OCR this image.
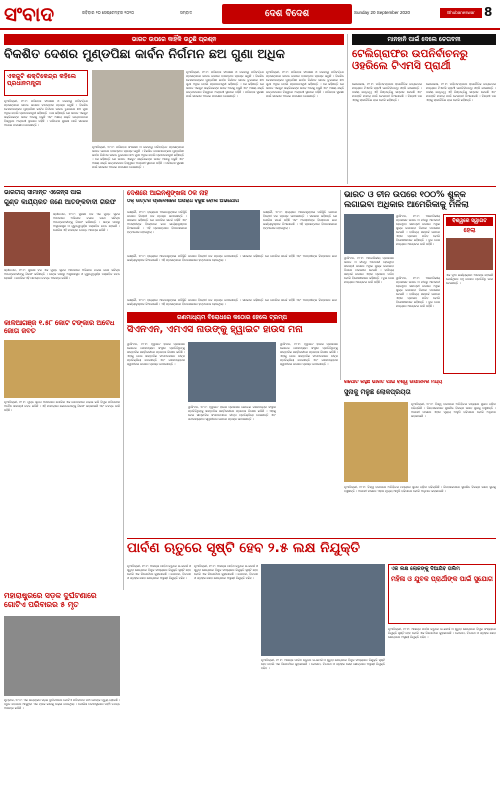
ସଂବାଦ	ରବିବାର ୨୦ ସେପ୍ଟେମ୍ବର ୨୦୨୦	ସମ୍ବାଦ	ଦେଶ ବିଦେଶ	Sunday 20 September 2020	Bhubaneswar 8
ଭାରତ ଉପରେ କାହିଁକି ଉଠୁଛି ପ୍ରଶ୍ନ
ବିକଶିତ ଦେଶର ମୁଣ୍ଡପିଛା କାର୍ବନ ନିର୍ଗମନ ଛଅ ଗୁଣା ଅଧିକ
ଏକଜୁଟି ଶକ୍ତିକେନ୍ଦ୍ର କହିଲେ ପ୍ରଧାନମନ୍ତ୍ରୀ
ନୂଆଦିଲ୍ଲୀ, ୧୯।୯: ପରିବେଶ ସଂରକ୍ଷଣ ଓ ଜଳବାୟୁ ପରିବର୍ତ୍ତନ ପ୍ରସଙ୍ଗରେ ଭାରତ ଉପରେ ବାରମ୍ବାର ପ୍ରଶ୍ନ ଉଠୁଛି । ବିକଶିତ ଦେଶମାନଙ୍କର ମୁଣ୍ଡପିଛା କାର୍ବନ ନିର୍ଗମନ ଭାରତ ତୁଳନାରେ ଛଅ ଗୁଣା ଅଧିକ ବୋଲି ପ୍ରଧାନମନ୍ତ୍ରୀ କହିଛନ୍ତି । ସେ କହିଛନ୍ତି ଯେ ଭାରତ ଏକଜୁଟ ଶକ୍ତିକେନ୍ଦ୍ର ଭାବେ ଆଗକୁ ବଢୁଛି ଏବଂ ଅକ୍ଷୟ ଶକ୍ତି ଉତ୍ପାଦନରେ ବିଶ୍ୱରେ ଅଗ୍ରଣୀ ସ୍ଥାନରେ ରହିଛି । ପରିବେଶ ସୁରକ୍ଷା ପାଇଁ ସରକାର ଅନେକ ପଦକ୍ଷେପ ନେଇଛନ୍ତି ।
ନୂଆଦିଲ୍ଲୀ, ୧୯।୯: ପରିବେଶ ସଂରକ୍ଷଣ ଓ ଜଳବାୟୁ ପରିବର୍ତ୍ତନ ପ୍ରସଙ୍ଗରେ ଭାରତ ଉପରେ ବାରମ୍ବାର ପ୍ରଶ୍ନ ଉଠୁଛି । ବିକଶିତ ଦେଶମାନଙ୍କର ମୁଣ୍ଡପିଛା କାର୍ବନ ନିର୍ଗମନ ଭାରତ ତୁଳନାରେ ଛଅ ଗୁଣା ଅଧିକ ବୋଲି ପ୍ରଧାନମନ୍ତ୍ରୀ କହିଛନ୍ତି । ସେ କହିଛନ୍ତି ଯେ ଭାରତ ଏକଜୁଟ ଶକ୍ତିକେନ୍ଦ୍ର ଭାବେ ଆଗକୁ ବଢୁଛି ଏବଂ ଅକ୍ଷୟ ଶକ୍ତି ଉତ୍ପାଦନରେ ବିଶ୍ୱରେ ଅଗ୍ରଣୀ ସ୍ଥାନରେ ରହିଛି । ପରିବେଶ ସୁରକ୍ଷା ପାଇଁ ସରକାର ଅନେକ ପଦକ୍ଷେପ ନେଇଛନ୍ତି ।
ନୂଆଦିଲ୍ଲୀ, ୧୯।୯: ପରିବେଶ ସଂରକ୍ଷଣ ଓ ଜଳବାୟୁ ପରିବର୍ତ୍ତନ ପ୍ରସଙ୍ଗରେ ଭାରତ ଉପରେ ବାରମ୍ବାର ପ୍ରଶ୍ନ ଉଠୁଛି । ବିକଶିତ ଦେଶମାନଙ୍କର ମୁଣ୍ଡପିଛା କାର୍ବନ ନିର୍ଗମନ ଭାରତ ତୁଳନାରେ ଛଅ ଗୁଣା ଅଧିକ ବୋଲି ପ୍ରଧାନମନ୍ତ୍ରୀ କହିଛନ୍ତି । ସେ କହିଛନ୍ତି ଯେ ଭାରତ ଏକଜୁଟ ଶକ୍ତିକେନ୍ଦ୍ର ଭାବେ ଆଗକୁ ବଢୁଛି ଏବଂ ଅକ୍ଷୟ ଶକ୍ତି ଉତ୍ପାଦନରେ ବିଶ୍ୱରେ ଅଗ୍ରଣୀ ସ୍ଥାନରେ ରହିଛି । ପରିବେଶ ସୁରକ୍ଷା ପାଇଁ ସରକାର ଅନେକ ପଦକ୍ଷେପ ନେଇଛନ୍ତି ।
ନୂଆଦିଲ୍ଲୀ, ୧୯।୯: ପରିବେଶ ସଂରକ୍ଷଣ ଓ ଜଳବାୟୁ ପରିବର୍ତ୍ତନ ପ୍ରସଙ୍ଗରେ ଭାରତ ଉପରେ ବାରମ୍ବାର ପ୍ରଶ୍ନ ଉଠୁଛି । ବିକଶିତ ଦେଶମାନଙ୍କର ମୁଣ୍ଡପିଛା କାର୍ବନ ନିର୍ଗମନ ଭାରତ ତୁଳନାରେ ଛଅ ଗୁଣା ଅଧିକ ବୋଲି ପ୍ରଧାନମନ୍ତ୍ରୀ କହିଛନ୍ତି । ସେ କହିଛନ୍ତି ଯେ ଭାରତ ଏକଜୁଟ ଶକ୍ତିକେନ୍ଦ୍ର ଭାବେ ଆଗକୁ ବଢୁଛି ଏବଂ ଅକ୍ଷୟ ଶକ୍ତି ଉତ୍ପାଦନରେ ବିଶ୍ୱରେ ଅଗ୍ରଣୀ ସ୍ଥାନରେ ରହିଛି । ପରିବେଶ ସୁରକ୍ଷା ପାଇଁ ସରକାର ଅନେକ ପଦକ୍ଷେପ ନେଇଛନ୍ତି ।
ମାନହାନି ପାଇଁ ଦେଲେ ଚେତାବନୀ
ଟେଲିଗ୍ରାଫର ଉପନିର୍ବାଚନରୁ ଓହରିଲେ ଟିଏମସି ପ୍ରାର୍ଥୀ
କୋଲକାତା, ୧୯।୯: ପଶ୍ଚିମବଙ୍ଗରେ ରାଜନୈତିକ ଉତ୍ତେଜନା ମଧ୍ୟରେ ଟିଏମସି ପ୍ରାର୍ଥୀ ଉପନିର୍ବାଚନରୁ ଓହରି ଯାଇଛନ୍ତି । ଦଳୀୟ ନେତୃତ୍ୱ ଏହି ନିଷ୍ପତ୍ତିକୁ ସମ୍ମାନ ଦେଇଛି ଏବଂ ମାନହାନି ମାମଲା ପାଇଁ ଚେତାବନୀ ଦିଆଯାଇଛି । ବିରୋଧୀ ଦଳ ଏହାକୁ ରାଜନୈତିକ ଚାଲ ବୋଲି କହିଛନ୍ତି ।
କୋଲକାତା, ୧୯।୯: ପଶ୍ଚିମବଙ୍ଗରେ ରାଜନୈତିକ ଉତ୍ତେଜନା ମଧ୍ୟରେ ଟିଏମସି ପ୍ରାର୍ଥୀ ଉପନିର୍ବାଚନରୁ ଓହରି ଯାଇଛନ୍ତି । ଦଳୀୟ ନେତୃତ୍ୱ ଏହି ନିଷ୍ପତ୍ତିକୁ ସମ୍ମାନ ଦେଇଛି ଏବଂ ମାନହାନି ମାମଲା ପାଇଁ ଚେତାବନୀ ଦିଆଯାଇଛି । ବିରୋଧୀ ଦଳ ଏହାକୁ ରାଜନୈତିକ ଚାଲ ବୋଲି କହିଛନ୍ତି ।
ଭାରତୀୟ ସୀମାନ୍ତ ଏଜେନ୍ସି ପାଇଁ
ଗୁଣ୍ଡ କାର୍ଯ୍ୟରତ ଜଣେ ଆତଙ୍କବାଦୀ ଗିରଫ
ଶ୍ରୀନଗର, ୧୯।୯: ସୁରକ୍ଷା ବଳ ଏକ ଗୁପ୍ତ ସୂଚନା ଆଧାରରେ ଅଭିଯାନ ଚଳାଇ ଜଣେ ସନ୍ଦିଗ୍ଧ ଆତଙ୍କବାଦୀଙ୍କୁ ଗିରଫ କରିଛନ୍ତି । ତାଙ୍କ ପାଖରୁ ଅସ୍ତ୍ରଶସ୍ତ୍ର ଓ ଗୁରୁତ୍ୱପୂର୍ଣ୍ଣ ଦସ୍ତାବିଜ ଜବତ ହୋଇଛି । ପୋଲିସ ଏହି ମାମଲାର ତଦନ୍ତ ଆରମ୍ଭ କରିଛି ।
ଶ୍ରୀନଗର, ୧୯।୯: ସୁରକ୍ଷା ବଳ ଏକ ଗୁପ୍ତ ସୂଚନା ଆଧାରରେ ଅଭିଯାନ ଚଳାଇ ଜଣେ ସନ୍ଦିଗ୍ଧ ଆତଙ୍କବାଦୀଙ୍କୁ ଗିରଫ କରିଛନ୍ତି । ତାଙ୍କ ପାଖରୁ ଅସ୍ତ୍ରଶସ୍ତ୍ର ଓ ଗୁରୁତ୍ୱପୂର୍ଣ୍ଣ ଦସ୍ତାବିଜ ଜବତ ହୋଇଛି । ପୋଲିସ ଏହି ମାମଲାର ତଦନ୍ତ ଆରମ୍ଭ କରିଛି ।
କାଳିଆଗଞ୍ଜ ୧.୫୮ କୋଟି ଟଙ୍କାର ଅବୈଧ ଜୋତା ଜବତ
ନୂଆଦିଲ୍ଲୀ, ୧୯।୯: ଗୁପ୍ତ ସୂଚନା ଆଧାରରେ ପୋଲିସ ଏକ ଗୋଦାମରେ ଚଢାଉ କରି ବିପୁଳ ପରିମାଣର ଅବୈଧ ସାମଗ୍ରୀ ଜବତ କରିଛି । ଏହି ମାମଲାରେ କେତେଜଣଙ୍କୁ ଗିରଫ କରାଯାଇଛି ଏବଂ ତଦନ୍ତ ଜାରି ରହିଛି ।
ଦେଶରେ ଆଇନଶୃଙ୍ଖଳା ଠିକ ନାହିଁ
ଠିକ୍ ଉତ୍ତର ପ୍ରଦେଶରେ ଅପରାଧ ବଢୁଛି ବୋଲି ଅଭିଯୋଗ
ଲକ୍ଷ୍ନୌ, ୧୯।୯: ରାଜ୍ୟରେ ଆଇନଶୃଙ୍ଖଳା ପରିସ୍ଥିତି ଉପରେ ବିରୋଧୀ ଦଳ ପ୍ରଶ୍ନ ଉଠାଇଛନ୍ତି । ସରକାର କହିଛନ୍ତି ଯେ ପୋଲିସ ସତର୍କ ରହିଛି ଏବଂ ଅପରାଧୀଙ୍କ ବିରୋଧରେ କଡା କାର୍ଯ୍ୟାନୁଷ୍ଠାନ ନିଆଯାଉଛି । ଏହି ପ୍ରସଙ୍ଗରେ ବିଧାନସଭାରେ ହଟ୍ଟଗୋଳ ହୋଇଥିଲା ।
ଲକ୍ଷ୍ନୌ, ୧୯।୯: ରାଜ୍ୟରେ ଆଇନଶୃଙ୍ଖଳା ପରିସ୍ଥିତି ଉପରେ ବିରୋଧୀ ଦଳ ପ୍ରଶ୍ନ ଉଠାଇଛନ୍ତି । ସରକାର କହିଛନ୍ତି ଯେ ପୋଲିସ ସତର୍କ ରହିଛି ଏବଂ ଅପରାଧୀଙ୍କ ବିରୋଧରେ କଡା କାର୍ଯ୍ୟାନୁଷ୍ଠାନ ନିଆଯାଉଛି । ଏହି ପ୍ରସଙ୍ଗରେ ବିଧାନସଭାରେ ହଟ୍ଟଗୋଳ ହୋଇଥିଲା ।
ଲକ୍ଷ୍ନୌ, ୧୯।୯: ରାଜ୍ୟରେ ଆଇନଶୃଙ୍ଖଳା ପରିସ୍ଥିତି ଉପରେ ବିରୋଧୀ ଦଳ ପ୍ରଶ୍ନ ଉଠାଇଛନ୍ତି । ସରକାର କହିଛନ୍ତି ଯେ ପୋଲିସ ସତର୍କ ରହିଛି ଏବଂ ଅପରାଧୀଙ୍କ ବିରୋଧରେ କଡା କାର୍ଯ୍ୟାନୁଷ୍ଠାନ ନିଆଯାଉଛି । ଏହି ପ୍ରସଙ୍ଗରେ ବିଧାନସଭାରେ ହଟ୍ଟଗୋଳ ହୋଇଥିଲା ।
ଭାରତ ଓ ଚୀନ ଉପରେ ୧୦୦% ଶୁଳ୍କ ଲଗାଇବା ଅଧିକାର ଆମେରିକାକୁ ମିଳିଲା
ୱାଶିଂଟନ, ୧୯।୯: ଆମେରିକୀୟ ପ୍ରଶାସନ ଭାରତ ଓ ଚୀନରୁ ଆମଦାନୀ ହେଉଥିବା ସାମଗ୍ରୀ ଉପରେ ଅଧିକ ଶୁଳ୍କ ଲଗାଇବା ଦିଗରେ ପଦକ୍ଷେପ ନେଇଛି । ବାଣିଜ୍ୟ ସମ୍ପର୍କ ଉପରେ ଏହାର ପ୍ରଭାବ ପଡିବ ବୋଲି ବିଶେଷଜ୍ଞମାନେ କହିଛନ୍ତି । ଦୁଇ ଦେଶ ମଧ୍ୟରେ ଆଲୋଚନା ଜାରି ରହିଛି ।
ୱାଶିଂଟନ, ୧୯।୯: ଆମେରିକୀୟ ପ୍ରଶାସନ ଭାରତ ଓ ଚୀନରୁ ଆମଦାନୀ ହେଉଥିବା ସାମଗ୍ରୀ ଉପରେ ଅଧିକ ଶୁଳ୍କ ଲଗାଇବା ଦିଗରେ ପଦକ୍ଷେପ ନେଇଛି । ବାଣିଜ୍ୟ ସମ୍ପର୍କ ଉପରେ ଏହାର ପ୍ରଭାବ ପଡିବ ବୋଲି ବିଶେଷଜ୍ଞମାନେ କହିଛନ୍ତି । ଦୁଇ ଦେଶ ମଧ୍ୟରେ ଆଲୋଚନା ଜାରି ରହିଛି ।
ୱାଶିଂଟନ, ୧୯।୯: ଆମେରିକୀୟ ପ୍ରଶାସନ ଭାରତ ଓ ଚୀନରୁ ଆମଦାନୀ ହେଉଥିବା ସାମଗ୍ରୀ ଉପରେ ଅଧିକ ଶୁଳ୍କ ଲଗାଇବା ଦିଗରେ ପଦକ୍ଷେପ ନେଇଛି । ବାଣିଜ୍ୟ ସମ୍ପର୍କ ଉପରେ ଏହାର ପ୍ରଭାବ ପଡିବ ବୋଲି ବିଶେଷଜ୍ଞମାନେ କହିଛନ୍ତି । ଦୁଇ ଦେଶ ମଧ୍ୟରେ ଆଲୋଚନା ଜାରି ରହିଛି ।
ବିଶ୍ୱରେ ସ୍ୱାଗତ
ହେଲା
ଏକ ନୂଆ କାର୍ଯ୍ୟକ୍ରମ ଆରମ୍ଭ ହୋଇଛି ଯେଉଁଥିରେ ବହୁ ଦେଶର ପ୍ରତିନିଧି ଭାଗ ନେଇଛନ୍ତି ।
ଲକ୍ଷ୍ନୌ, ୧୯।୯: ରାଜ୍ୟରେ ଆଇନଶୃଙ୍ଖଳା ପରିସ୍ଥିତି ଉପରେ ବିରୋଧୀ ଦଳ ପ୍ରଶ୍ନ ଉଠାଇଛନ୍ତି । ସରକାର କହିଛନ୍ତି ଯେ ପୋଲିସ ସତର୍କ ରହିଛି ଏବଂ ଅପରାଧୀଙ୍କ ବିରୋଧରେ କଡା କାର୍ଯ୍ୟାନୁଷ୍ଠାନ ନିଆଯାଉଛି । ଏହି ପ୍ରସଙ୍ଗରେ ବିଧାନସଭାରେ ହଟ୍ଟଗୋଳ ହୋଇଥିଲା ।
ଗଣମାଧ୍ୟମ ବିରୋଧରେ କଠୋର ହେଲେ ଟ୍ରମ୍ପ
ସିଏନଏନ, ଏମଏସ ନାଉଙ୍କୁ ହ୍ୱାଇଟ ହାଉସ ମନା
ୱାଶିଂଟନ, ୧୯।୯: ହ୍ୱାଇଟ ହାଉସ ପ୍ରଶାସନ କେତେକ ଗଣମାଧ୍ୟମ ସଂସ୍ଥାର ପ୍ରତିନିଧିଙ୍କୁ ସାମ୍ବାଦିକ ସମ୍ମିଳନୀରେ ପ୍ରବେଶ ନିଷେଧ କରିଛି । ଏହାକୁ ନେଇ ସାମ୍ବାଦିକ ସଂଗଠନମାନେ ତୀବ୍ର ପ୍ରତିକ୍ରିୟା ଦେଇଛନ୍ତି ଏବଂ ଗଣମାଧ୍ୟମର ସ୍ୱାଧୀନତା ଉପରେ ପ୍ରଶ୍ନ ଉଠାଇଛନ୍ତି ।
ୱାଶିଂଟନ, ୧୯।୯: ହ୍ୱାଇଟ ହାଉସ ପ୍ରଶାସନ କେତେକ ଗଣମାଧ୍ୟମ ସଂସ୍ଥାର ପ୍ରତିନିଧିଙ୍କୁ ସାମ୍ବାଦିକ ସମ୍ମିଳନୀରେ ପ୍ରବେଶ ନିଷେଧ କରିଛି । ଏହାକୁ ନେଇ ସାମ୍ବାଦିକ ସଂଗଠନମାନେ ତୀବ୍ର ପ୍ରତିକ୍ରିୟା ଦେଇଛନ୍ତି ଏବଂ ଗଣମାଧ୍ୟମର ସ୍ୱାଧୀନତା ଉପରେ ପ୍ରଶ୍ନ ଉଠାଇଛନ୍ତି ।
ୱାଶିଂଟନ, ୧୯।୯: ହ୍ୱାଇଟ ହାଉସ ପ୍ରଶାସନ କେତେକ ଗଣମାଧ୍ୟମ ସଂସ୍ଥାର ପ୍ରତିନିଧିଙ୍କୁ ସାମ୍ବାଦିକ ସମ୍ମିଳନୀରେ ପ୍ରବେଶ ନିଷେଧ କରିଛି । ଏହାକୁ ନେଇ ସାମ୍ବାଦିକ ସଂଗଠନମାନେ ତୀବ୍ର ପ୍ରତିକ୍ରିୟା ଦେଇଛନ୍ତି ଏବଂ ଗଣମାଧ୍ୟମର ସ୍ୱାଧୀନତା ଉପରେ ପ୍ରଶ୍ନ ଉଠାଇଛନ୍ତି ।
ରିପୋର୍ଟ କହୁଛି ଭାରତ ପାଇଁ ବିଶ୍ୱ ଉପାର୍ଜନର ମଧ୍ୟ
ସୁନାକୁ ମିଳୁଛି ଲୋକପ୍ରିୟତା
ନୂଆଦିଲ୍ଲୀ, ୧୯।୯: ବିଶ୍ୱ ବଜାରରେ ଅନିଶ୍ଚିତତା ମଧ୍ୟରେ ସୁନାର ଚାହିଦା ବଢିଚାଲିଛି । ନିବେଶକମାନେ ସୁରକ୍ଷିତ ବିକଳ୍ପ ଭାବେ ସୁନାକୁ ବାଛୁଛନ୍ତି । ଆଗାମୀ ମାସରେ ଏହାର ମୂଲ୍ୟ ଆହୁରି ବଢିପାରେ ବୋଲି ଅନୁମାନ କରାଯାଉଛି ।
ନୂଆଦିଲ୍ଲୀ, ୧୯।୯: ବିଶ୍ୱ ବଜାରରେ ଅନିଶ୍ଚିତତା ମଧ୍ୟରେ ସୁନାର ଚାହିଦା ବଢିଚାଲିଛି । ନିବେଶକମାନେ ସୁରକ୍ଷିତ ବିକଳ୍ପ ଭାବେ ସୁନାକୁ ବାଛୁଛନ୍ତି । ଆଗାମୀ ମାସରେ ଏହାର ମୂଲ୍ୟ ଆହୁରି ବଢିପାରେ ବୋଲି ଅନୁମାନ କରାଯାଉଛି ।
ମହାରାଷ୍ଟ୍ରରେ ସଡ଼କ ଦୁର୍ଘଟଣାରେ ଗୋଟିଏ ପରିବାରର ୫ ମୃତ
ମୁମ୍ବାଇ, ୧୯।୯: ଏକ ଭୟଙ୍କର ସଡ଼କ ଦୁର୍ଘଟଣାରେ ଗୋଟିଏ ପରିବାରର ପାଞ୍ଚ ଜଣଙ୍କ ମୃତ୍ୟୁ ହୋଇଛି । ଦ୍ରୁତ ବେଗରେ ଆସୁଥିବା ଏକ ଟ୍ରକ କାରକୁ ଧକ୍କା ଦେଇଥିଲା । ପୋଲିସ ଘଟଣାସ୍ଥଳରେ ପହଞ୍ଚି ତଦନ୍ତ ଆରମ୍ଭ କରିଛି ।
ପାର୍ବଣ ଋତୁରେ ସୃଷ୍ଟି ହେବ ୨.୫ ଲକ୍ଷ ନିଯୁକ୍ତି
ନୂଆଦିଲ୍ଲୀ, ୧୯।୯: ଆସନ୍ତା ପାର୍ବଣ ଋତୁରେ ଇ-କମର୍ସ ଓ ଖୁଚୁରା କ୍ଷେତ୍ରରେ ବିପୁଳ ସଂଖ୍ୟାରେ ନିଯୁକ୍ତି ସୃଷ୍ଟି ହେବ ବୋଲି ଏକ ରିପୋର୍ଟରେ କୁହାଯାଇଛି । ଗୋଦାମ, ବିତରଣ ଓ ଗ୍ରାହକ ସେବା କ୍ଷେତ୍ରରେ ଅସ୍ଥାୟୀ ନିଯୁକ୍ତି ବଢିବ ।
ନୂଆଦିଲ୍ଲୀ, ୧୯।୯: ଆସନ୍ତା ପାର୍ବଣ ଋତୁରେ ଇ-କମର୍ସ ଓ ଖୁଚୁରା କ୍ଷେତ୍ରରେ ବିପୁଳ ସଂଖ୍ୟାରେ ନିଯୁକ୍ତି ସୃଷ୍ଟି ହେବ ବୋଲି ଏକ ରିପୋର୍ଟରେ କୁହାଯାଇଛି । ଗୋଦାମ, ବିତରଣ ଓ ଗ୍ରାହକ ସେବା କ୍ଷେତ୍ରରେ ଅସ୍ଥାୟୀ ନିଯୁକ୍ତି ବଢିବ ।
ନୂଆଦିଲ୍ଲୀ, ୧୯।୯: ଆସନ୍ତା ପାର୍ବଣ ଋତୁରେ ଇ-କମର୍ସ ଓ ଖୁଚୁରା କ୍ଷେତ୍ରରେ ବିପୁଳ ସଂଖ୍ୟାରେ ନିଯୁକ୍ତି ସୃଷ୍ଟି ହେବ ବୋଲି ଏକ ରିପୋର୍ଟରେ କୁହାଯାଇଛି । ଗୋଦାମ, ବିତରଣ ଓ ଗ୍ରାହକ ସେବା କ୍ଷେତ୍ରରେ ଅସ୍ଥାୟୀ ନିଯୁକ୍ତି ବଢିବ ।
ଏକ ଲକ୍ଷ ଲୋକଙ୍କୁ ଦିଆଯିବ ତାଲିମ
ମହିଳା ଓ ଯୁବକ ପ୍ରାର୍ଥୀଙ୍କ ପାଇଁ ସୁଯୋଗ
ନୂଆଦିଲ୍ଲୀ, ୧୯।୯: ଆସନ୍ତା ପାର୍ବଣ ଋତୁରେ ଇ-କମର୍ସ ଓ ଖୁଚୁରା କ୍ଷେତ୍ରରେ ବିପୁଳ ସଂଖ୍ୟାରେ ନିଯୁକ୍ତି ସୃଷ୍ଟି ହେବ ବୋଲି ଏକ ରିପୋର୍ଟରେ କୁହାଯାଇଛି । ଗୋଦାମ, ବିତରଣ ଓ ଗ୍ରାହକ ସେବା କ୍ଷେତ୍ରରେ ଅସ୍ଥାୟୀ ନିଯୁକ୍ତି ବଢିବ ।
